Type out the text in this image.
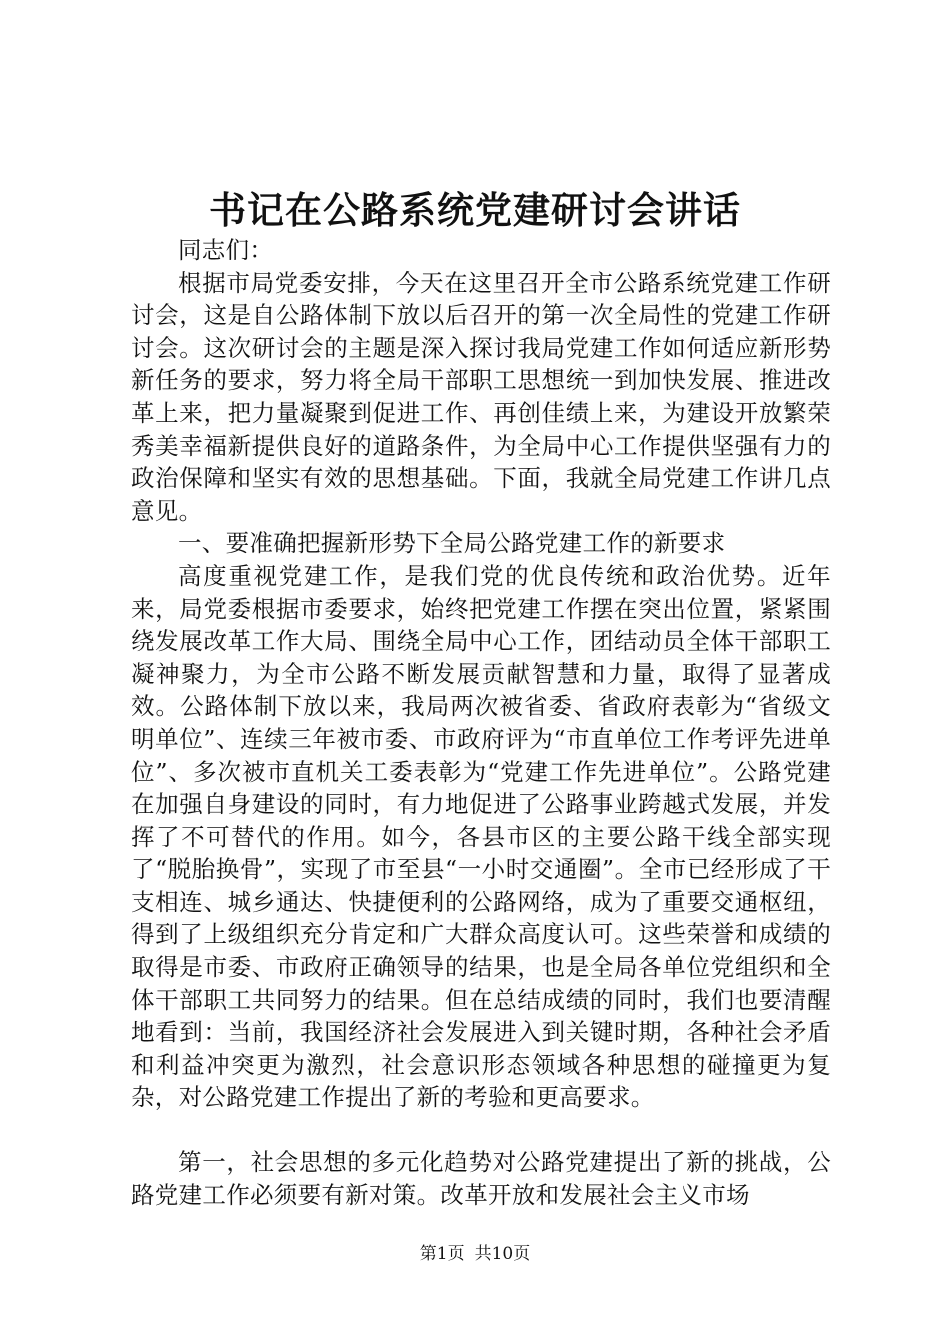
书记在公路系统党建研讨会讲话

同志们：

根据市局党委安排，今天在这里召开全市公路系统党建工作研讨会，这是自公路体制下放以后召开的第一次全局性的党建工作研讨会。这次研讨会的主题是深入探讨我局党建工作如何适应新形势新任务的要求，努力将全局干部职工思想统一到加快发展、推进改革上来，把力量凝聚到促进工作、再创佳绩上来，为建设开放繁荣秀美幸福新提供良好的道路条件，为全局中心工作提供坚强有力的政治保障和坚实有效的思想基础。下面，我就全局党建工作讲几点意见。

一、要准确把握新形势下全局公路党建工作的新要求

高度重视党建工作，是我们党的优良传统和政治优势。近年来，局党委根据市委要求，始终把党建工作摆在突出位置，紧紧围绕发展改革工作大局、围绕全局中心工作，团结动员全体干部职工凝神聚力，为全市公路不断发展贡献智慧和力量，取得了显著成效。公路体制下放以来，我局两次被省委、省政府表彰为“省级文明单位”、连续三年被市委、市政府评为“市直单位工作考评先进单位”、多次被市直机关工委表彰为“党建工作先进单位”。公路党建在加强自身建设的同时，有力地促进了公路事业跨越式发展，并发挥了不可替代的作用。如今，各县市区的主要公路干线全部实现了“脱胎换骨”，实现了市至县“一小时交通圈”。全市已经形成了干支相连、城乡通达、快捷便利的公路网络，成为了重要交通枢纽，得到了上级组织充分肯定和广大群众高度认可。这些荣誉和成绩的取得是市委、市政府正确领导的结果，也是全局各单位党组织和全体干部职工共同努力的结果。但在总结成绩的同时，我们也要清醒地看到：当前，我国经济社会发展进入到关键时期，各种社会矛盾和利益冲突更为激烈，社会意识形态领域各种思想的碰撞更为复杂，对公路党建工作提出了新的考验和更高要求。

第一，社会思想的多元化趋势对公路党建提出了新的挑战，公路党建工作必须要有新对策。改革开放和发展社会主义市场

第1页 共10页
